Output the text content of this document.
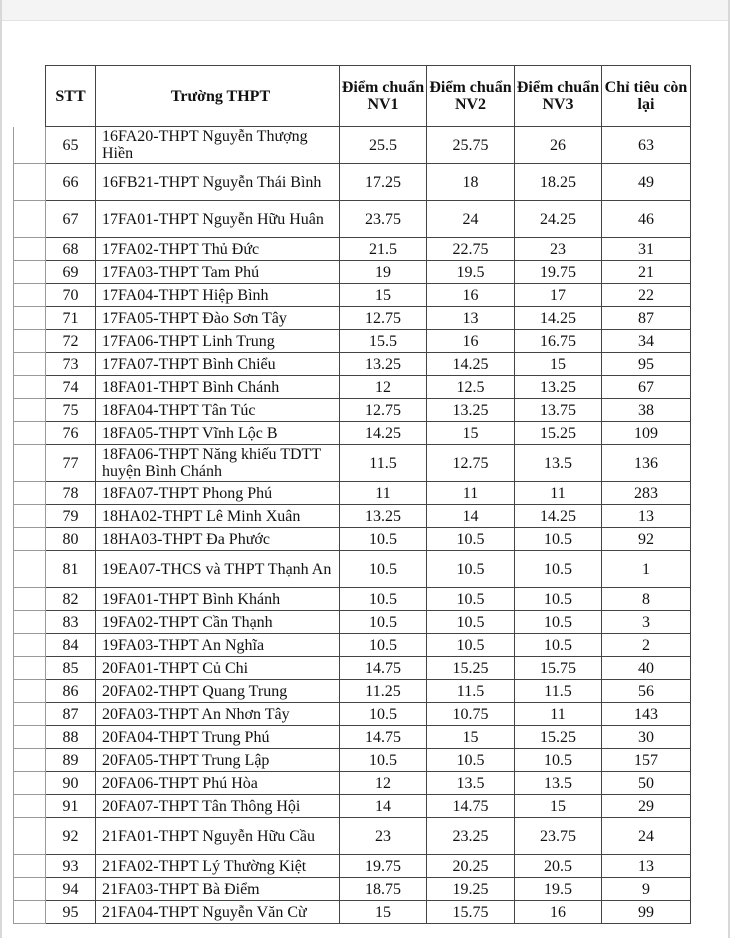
	STT	Trường THPT	Điểm chuẩn NV1	Điểm chuẩn NV2	Điểm chuẩn NV3	Chỉ tiêu còn lại
	65	16FA20-THPT Nguyễn Thượng Hiền	25.5	25.75	26	63
	66	16FB21-THPT Nguyễn Thái Bình	17.25	18	18.25	49
	67	17FA01-THPT Nguyễn Hữu Huân	23.75	24	24.25	46
	68	17FA02-THPT Thủ Đức	21.5	22.75	23	31
	69	17FA03-THPT Tam Phú	19	19.5	19.75	21
	70	17FA04-THPT Hiệp Bình	15	16	17	22
	71	17FA05-THPT Đào Sơn Tây	12.75	13	14.25	87
	72	17FA06-THPT Linh Trung	15.5	16	16.75	34
	73	17FA07-THPT Bình Chiểu	13.25	14.25	15	95
	74	18FA01-THPT Bình Chánh	12	12.5	13.25	67
	75	18FA04-THPT Tân Túc	12.75	13.25	13.75	38
	76	18FA05-THPT Vĩnh Lộc B	14.25	15	15.25	109
	77	18FA06-THPT Năng khiếu TDTT huyện Bình Chánh	11.5	12.75	13.5	136
	78	18FA07-THPT Phong Phú	11	11	11	283
	79	18HA02-THPT Lê Minh Xuân	13.25	14	14.25	13
	80	18HA03-THPT Đa Phước	10.5	10.5	10.5	92
	81	19EA07-THCS và THPT Thạnh An	10.5	10.5	10.5	1
	82	19FA01-THPT Bình Khánh	10.5	10.5	10.5	8
	83	19FA02-THPT Cần Thạnh	10.5	10.5	10.5	3
	84	19FA03-THPT An Nghĩa	10.5	10.5	10.5	2
	85	20FA01-THPT Củ Chi	14.75	15.25	15.75	40
	86	20FA02-THPT Quang Trung	11.25	11.5	11.5	56
	87	20FA03-THPT An Nhơn Tây	10.5	10.75	11	143
	88	20FA04-THPT Trung Phú	14.75	15	15.25	30
	89	20FA05-THPT Trung Lập	10.5	10.5	10.5	157
	90	20FA06-THPT Phú Hòa	12	13.5	13.5	50
	91	20FA07-THPT Tân Thông Hội	14	14.75	15	29
	92	21FA01-THPT Nguyễn Hữu Cầu	23	23.25	23.75	24
	93	21FA02-THPT Lý Thường Kiệt	19.75	20.25	20.5	13
	94	21FA03-THPT Bà Điểm	18.75	19.25	19.5	9
	95	21FA04-THPT Nguyễn Văn Cừ	15	15.75	16	99
